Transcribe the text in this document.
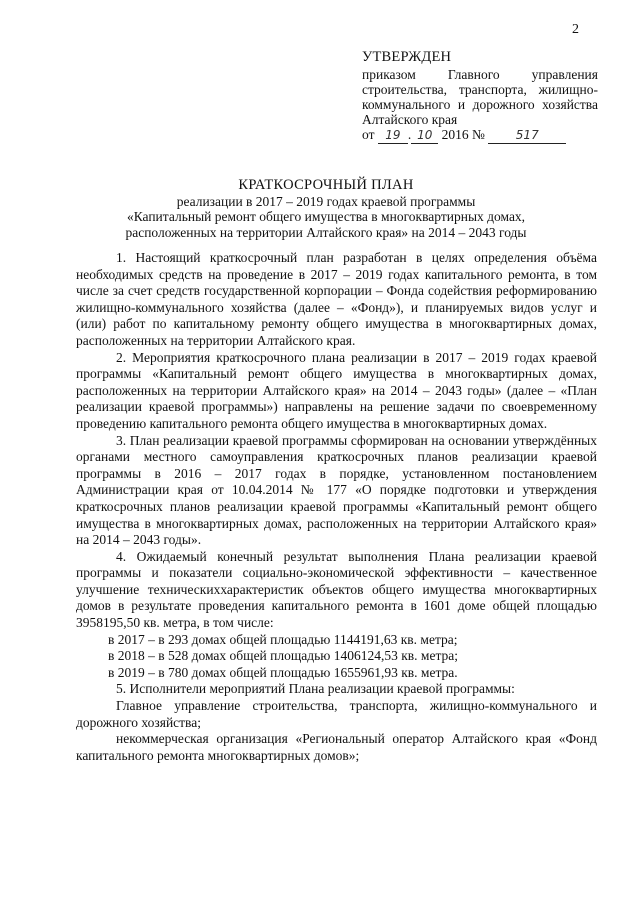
2
УТВЕРЖДЕН
приказом Главного управления строительства, транспорта, жилищно-коммунального и дорожного хозяйства Алтайского края
от 19 . 10 2016 №	517
КРАТКОСРОЧНЫЙ ПЛАН
реализации в 2017 – 2019 годах краевой программы
«Капитальный ремонт общего имущества в многоквартирных домах,
расположенных на территории Алтайского края» на 2014 – 2043 годы

1. Настоящий краткосрочный план разработан в целях определения объёма необходимых средств на проведение в 2017 – 2019 годах капитального ремонта, в том числе за счет средств государственной корпорации – Фонда содействия реформированию жилищно-коммунального хозяйства (далее – «Фонд»), и планируемых видов услуг и (или) работ по капитальному ремонту общего имущества в многоквартирных домах, расположенных на территории Алтайского края.

2. Мероприятия краткосрочного плана реализации в 2017 – 2019 годах краевой программы «Капитальный ремонт общего имущества в многоквартирных домах, расположенных на территории Алтайского края» на 2014 – 2043 годы» (далее – «План реализации краевой программы») направлены на решение задачи по своевременному проведению капитального ремонта общего имущества в многоквартирных домах.

3. План реализации краевой программы сформирован на основании утверждённых органами местного самоуправления краткосрочных планов реализации краевой программы в 2016 – 2017 годах в порядке, установленном постановлением Администрации края от 10.04.2014 № 177 «О порядке подготовки и утверждения краткосрочных планов реализации краевой программы «Капитальный ремонт общего имущества в многоквартирных домах, расположенных на территории Алтайского края» на 2014 – 2043 годы».

4. Ожидаемый конечный результат выполнения Плана реализации краевой программы и показатели социально-экономической эффективности – качественное улучшение техническиххарактеристик объектов общего имущества многоквартирных домов в результате проведения капитального ремонта в 1601 доме общей площадью 3958195,50 кв. метра, в том числе:

в 2017 – в 293 домах общей площадью 1144191,63 кв. метра;

в 2018 – в 528 домах общей площадью 1406124,53 кв. метра;

в 2019 – в 780 домах общей площадью 1655961,93 кв. метра.

5. Исполнители мероприятий Плана реализации краевой программы:

Главное управление строительства, транспорта, жилищно-коммунального и дорожного хозяйства;

некоммерческая организация «Региональный оператор Алтайского края «Фонд капитального ремонта многоквартирных домов»;
